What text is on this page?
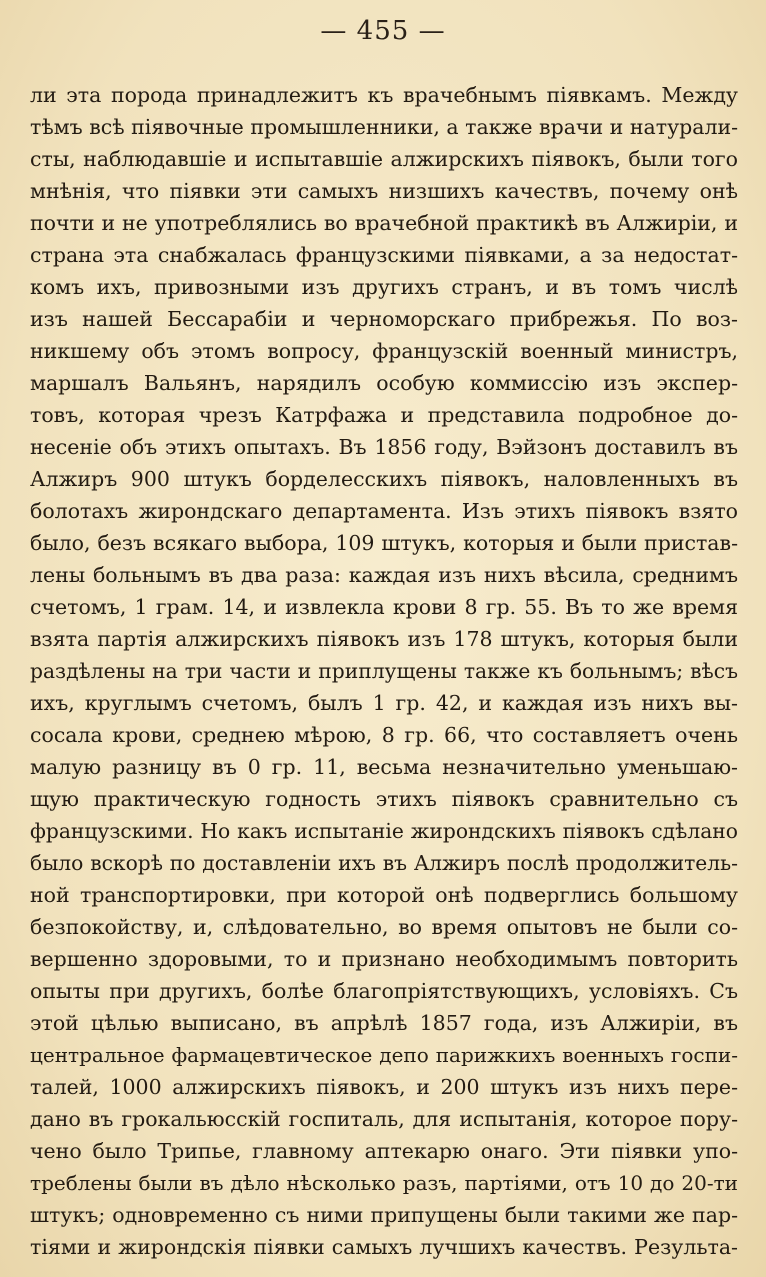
— 455 —
ли эта порода принадлежитъ къ врачебнымъ піявкамъ. Между
тѣмъ всѣ піявочные промышленники, а также врачи и натурали-
сты, наблюдавшіе и испытавшіе алжирскихъ піявокъ, были того
мнѣнія, что піявки эти самыхъ низшихъ качествъ, почему онѣ
почти и не употреблялись во врачебной практикѣ въ Алжиріи, и
страна эта снабжалась французскими піявками, а за недостат-
комъ ихъ, привозными изъ другихъ странъ, и въ томъ числѣ
изъ нашей Бессарабіи и черноморскаго прибрежья. По воз-
никшему объ этомъ вопросу, французскій военный министръ,
маршалъ Вальянъ, нарядилъ особую коммиссію изъ экспер-
товъ, которая чрезъ Катрфажа и представила подробное до-
несеніе объ этихъ опытахъ. Въ 1856 году, Вэйзонъ доставилъ въ
Алжиръ 900 штукъ борделесскихъ піявокъ, наловленныхъ въ
болотахъ жирондскаго департамента. Изъ этихъ піявокъ взято
было, безъ всякаго выбора, 109 штукъ, которыя и были пристав-
лены больнымъ въ два раза: каждая изъ нихъ вѣсила, среднимъ
счетомъ, 1 грам. 14, и извлекла крови 8 гр. 55. Въ то же время
взята партія алжирскихъ піявокъ изъ 178 штукъ, которыя были
раздѣлены на три части и приплущены также къ больнымъ; вѣсъ
ихъ, круглымъ счетомъ, былъ 1 гр. 42, и каждая изъ нихъ вы-
сосала крови, среднею мѣрою, 8 гр. 66, что составляетъ очень
малую разницу въ 0 гр. 11, весьма незначительно уменьшаю-
щую практическую годность этихъ піявокъ сравнительно съ
французскими. Но какъ испытаніе жирондскихъ піявокъ сдѣлано
было вскорѣ по доставленіи ихъ въ Алжиръ послѣ продолжитель-
ной транспортировки, при которой онѣ подверглись большому
безпокойству, и, слѣдовательно, во время опытовъ не были со-
вершенно здоровыми, то и признано необходимымъ повторить
опыты при другихъ, болѣе благопріятствующихъ, условіяхъ. Съ
этой цѣлью выписано, въ апрѣлѣ 1857 года, изъ Алжиріи, въ
центральное фармацевтическое депо парижкихъ военныхъ госпи-
талей, 1000 алжирскихъ піявокъ, и 200 штукъ изъ нихъ пере-
дано въ грокальюсскій госпиталь, для испытанія, которое пору-
чено было Трипье, главному аптекарю онаго. Эти піявки упо-
треблены были въ дѣло нѣсколько разъ, партіями, отъ 10 до 20-ти
штукъ; одновременно съ ними припущены были такими же пар-
тіями и жирондскія піявки самыхъ лучшихъ качествъ. Результа-
